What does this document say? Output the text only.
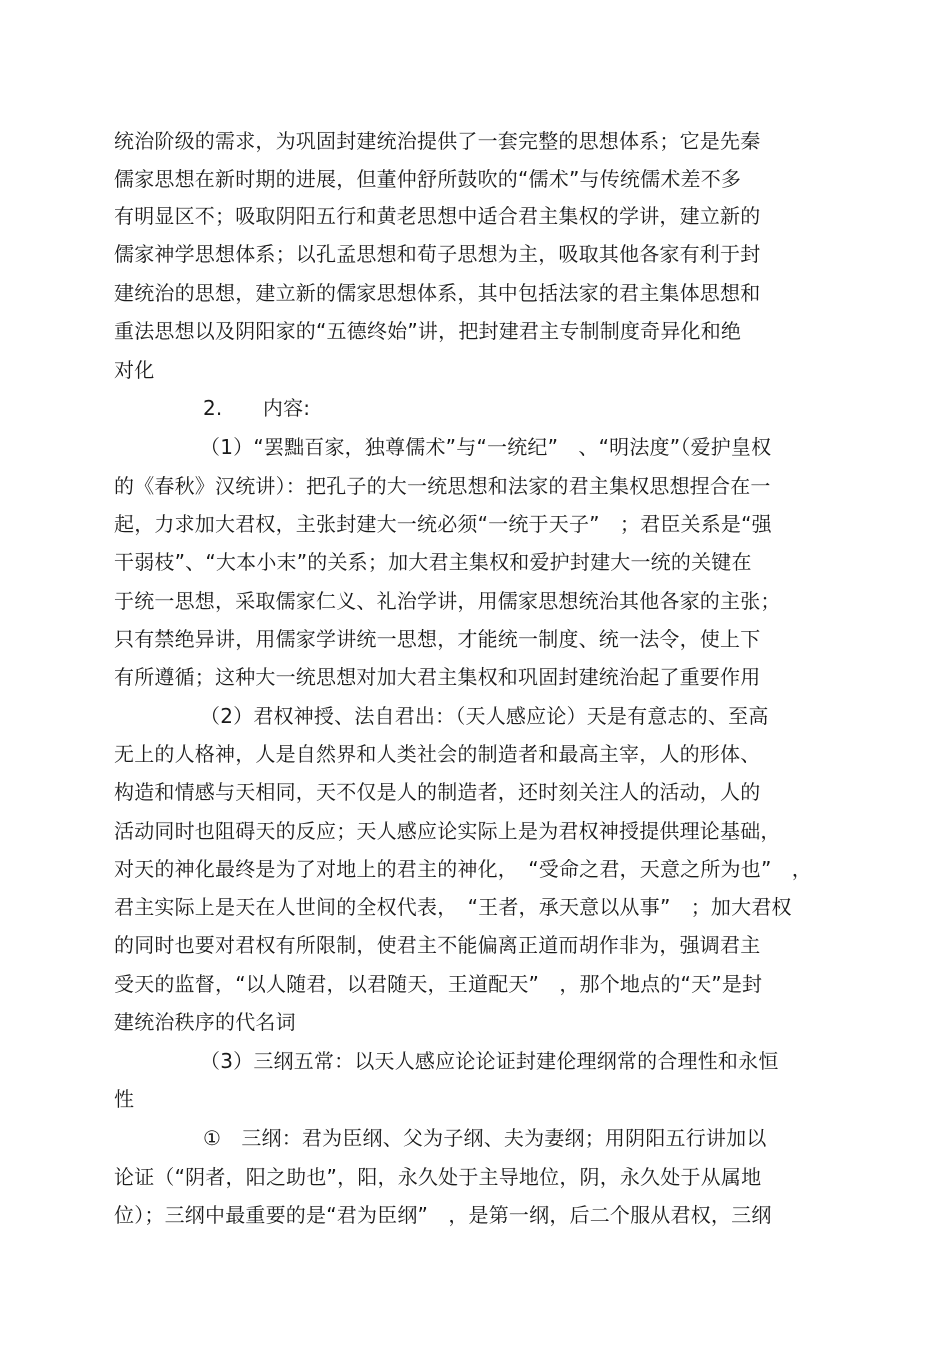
统治阶级的需求，为巩固封建统治提供了一套完整的思想体系；它是先秦
儒家思想在新时期的进展，但董仲舒所鼓吹的“儒术”与传统儒术差不多
有明显区不；吸取阴阳五行和黄老思想中适合君主集权的学讲，建立新的
儒家神学思想体系；以孔孟思想和荀子思想为主，吸取其他各家有利于封
建统治的思想，建立新的儒家思想体系，其中包括法家的君主集体思想和
重法思想以及阴阳家的“五德终始”讲，把封建君主专制制度奇异化和绝
对化
2.　　内容:
（1）“罢黜百家，独尊儒术”与“一统纪”　、“明法度”（爱护皇权
的《春秋》汉统讲）：把孔子的大一统思想和法家的君主集权思想捏合在一
起，力求加大君权，主张封建大一统必须“一统于天子”　；君臣关系是“强
干弱枝”、“大本小末”的关系；加大君主集权和爱护封建大一统的关键在
于统一思想，采取儒家仁义、礼治学讲，用儒家思想统治其他各家的主张；
只有禁绝异讲，用儒家学讲统一思想，才能统一制度、统一法令，使上下
有所遵循；这种大一统思想对加大君主集权和巩固封建统治起了重要作用
（2）君权神授、法自君出：（天人感应论）天是有意志的、至高
无上的人格神，人是自然界和人类社会的制造者和最高主宰，人的形体、
构造和情感与天相同，天不仅是人的制造者，还时刻关注人的活动，人的
活动同时也阻碍天的反应；天人感应论实际上是为君权神授提供理论基础，
对天的神化最终是为了对地上的君主的神化，　“受命之君，天意之所为也”　，
君主实际上是天在人世间的全权代表，　“王者，承天意以从事”　；加大君权
的同时也要对君权有所限制，使君主不能偏离正道而胡作非为，强调君主
受天的监督，“以人随君，以君随天，王道配天”　，那个地点的“天”是封
建统治秩序的代名词
（3）三纲五常：以天人感应论论证封建伦理纲常的合理性和永恒
性
①　三纲：君为臣纲、父为子纲、夫为妻纲；用阴阳五行讲加以
论证（“阴者，阳之助也”，阳，永久处于主导地位，阴，永久处于从属地
位）；三纲中最重要的是“君为臣纲”　，是第一纲，后二个服从君权，三纲
